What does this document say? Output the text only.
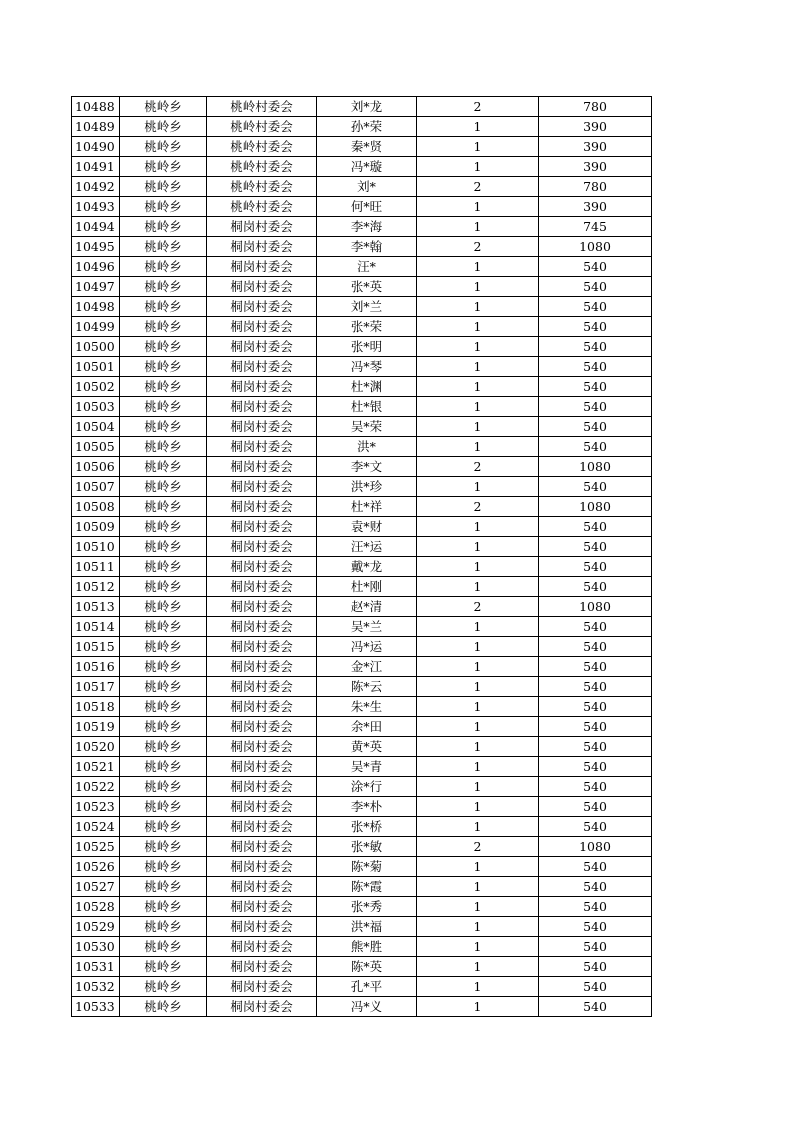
10488	桃岭乡	桃岭村委会	刘*龙	2	780
10489	桃岭乡	桃岭村委会	孙*荣	1	390
10490	桃岭乡	桃岭村委会	秦*贤	1	390
10491	桃岭乡	桃岭村委会	冯*璇	1	390
10492	桃岭乡	桃岭村委会	刘*	2	780
10493	桃岭乡	桃岭村委会	何*旺	1	390
10494	桃岭乡	桐岗村委会	李*海	1	745
10495	桃岭乡	桐岗村委会	李*翰	2	1080
10496	桃岭乡	桐岗村委会	汪*	1	540
10497	桃岭乡	桐岗村委会	张*英	1	540
10498	桃岭乡	桐岗村委会	刘*兰	1	540
10499	桃岭乡	桐岗村委会	张*荣	1	540
10500	桃岭乡	桐岗村委会	张*明	1	540
10501	桃岭乡	桐岗村委会	冯*琴	1	540
10502	桃岭乡	桐岗村委会	杜*渊	1	540
10503	桃岭乡	桐岗村委会	杜*银	1	540
10504	桃岭乡	桐岗村委会	吴*荣	1	540
10505	桃岭乡	桐岗村委会	洪*	1	540
10506	桃岭乡	桐岗村委会	李*文	2	1080
10507	桃岭乡	桐岗村委会	洪*珍	1	540
10508	桃岭乡	桐岗村委会	杜*祥	2	1080
10509	桃岭乡	桐岗村委会	袁*财	1	540
10510	桃岭乡	桐岗村委会	汪*运	1	540
10511	桃岭乡	桐岗村委会	戴*龙	1	540
10512	桃岭乡	桐岗村委会	杜*刚	1	540
10513	桃岭乡	桐岗村委会	赵*清	2	1080
10514	桃岭乡	桐岗村委会	吴*兰	1	540
10515	桃岭乡	桐岗村委会	冯*运	1	540
10516	桃岭乡	桐岗村委会	金*江	1	540
10517	桃岭乡	桐岗村委会	陈*云	1	540
10518	桃岭乡	桐岗村委会	朱*生	1	540
10519	桃岭乡	桐岗村委会	余*田	1	540
10520	桃岭乡	桐岗村委会	黄*英	1	540
10521	桃岭乡	桐岗村委会	吴*青	1	540
10522	桃岭乡	桐岗村委会	涂*行	1	540
10523	桃岭乡	桐岗村委会	李*朴	1	540
10524	桃岭乡	桐岗村委会	张*桥	1	540
10525	桃岭乡	桐岗村委会	张*敏	2	1080
10526	桃岭乡	桐岗村委会	陈*菊	1	540
10527	桃岭乡	桐岗村委会	陈*霞	1	540
10528	桃岭乡	桐岗村委会	张*秀	1	540
10529	桃岭乡	桐岗村委会	洪*福	1	540
10530	桃岭乡	桐岗村委会	熊*胜	1	540
10531	桃岭乡	桐岗村委会	陈*英	1	540
10532	桃岭乡	桐岗村委会	孔*平	1	540
10533	桃岭乡	桐岗村委会	冯*义	1	540
